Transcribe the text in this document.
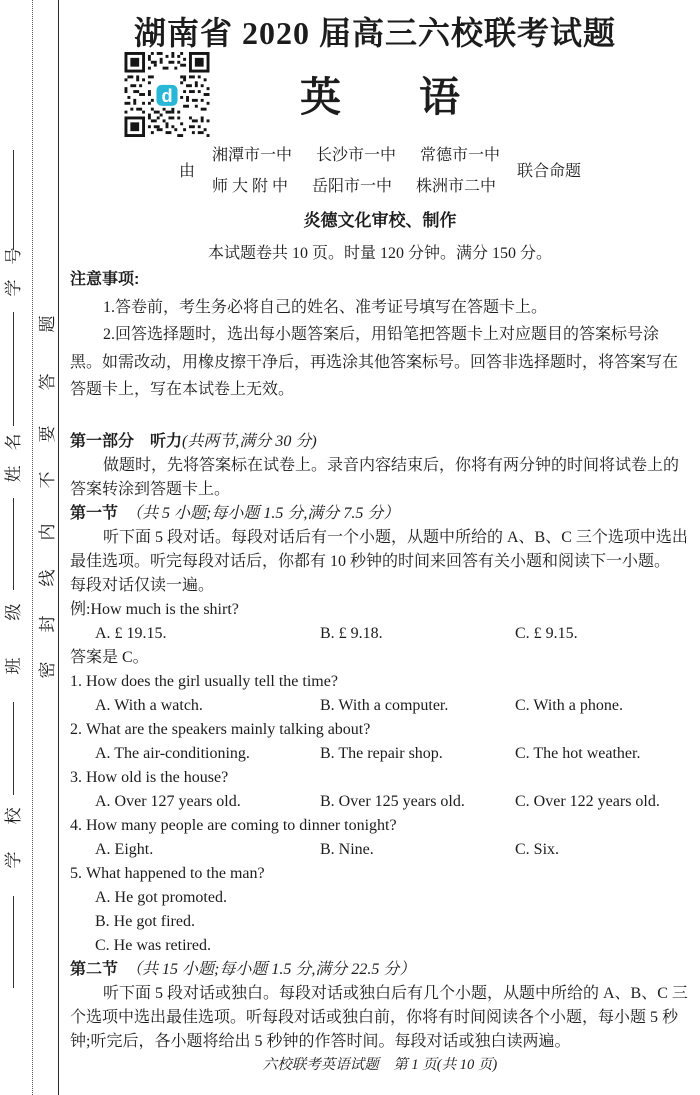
号
学
名
姓
级
班
校
学
题
答
要
不
内
线
封
密
湖南省 2020 届高三六校联考试题
d	英 语
由
湘潭市一中 长沙市一中 常德市一中
师 大 附 中 岳阳市一中 株洲市二中
联合命题
炎德文化审校、制作
本试题卷共 10 页。时量 120 分钟。满分 150 分。
注意事项:
1.答卷前，考生务必将自己的姓名、准考证号填写在答题卡上。
2.回答选择题时，选出每小题答案后，用铅笔把答题卡上对应题目的答案标号涂
黑。如需改动，用橡皮擦干净后，再选涂其他答案标号。回答非选择题时，将答案写在
答题卡上，写在本试卷上无效。
第一部分　听力(共两节,满分 30 分)
做题时，先将答案标在试卷上。录音内容结束后，你将有两分钟的时间将试卷上的
答案转涂到答题卡上。
第一节　 （共 5 小题;每小题 1.5 分,满分 7.5 分）
听下面 5 段对话。每段对话后有一个小题，从题中所给的 A、B、C 三个选项中选出
最佳选项。听完每段对话后，你都有 10 秒钟的时间来回答有关小题和阅读下一小题。
每段对话仅读一遍。
例:How much is the shirt?
A. £ 19.15.	B. £ 9.18.	C. £ 9.15.
答案是 C。
1. How does the girl usually tell the time?
A. With a watch.	B. With a computer.	C. With a phone.
2. What are the speakers mainly talking about?
A. The air-conditioning.	B. The repair shop.	C. The hot weather.
3. How old is the house?
A. Over 127 years old.	B. Over 125 years old.	C. Over 122 years old.
4. How many people are coming to dinner tonight?
A. Eight.	B. Nine.	C. Six.
5. What happened to the man?
A. He got promoted.
B. He got fired.
C. He was retired.
第二节　 （共 15 小题;每小题 1.5 分,满分 22.5 分）
听下面 5 段对话或独白。每段对话或独白后有几个小题，从题中所给的 A、B、C 三
个选项中选出最佳选项。听每段对话或独白前，你将有时间阅读各个小题，每小题 5 秒
钟;听完后，各小题将给出 5 秒钟的作答时间。每段对话或独白读两遍。
六校联考英语试题　第 1 页(共 10 页)
